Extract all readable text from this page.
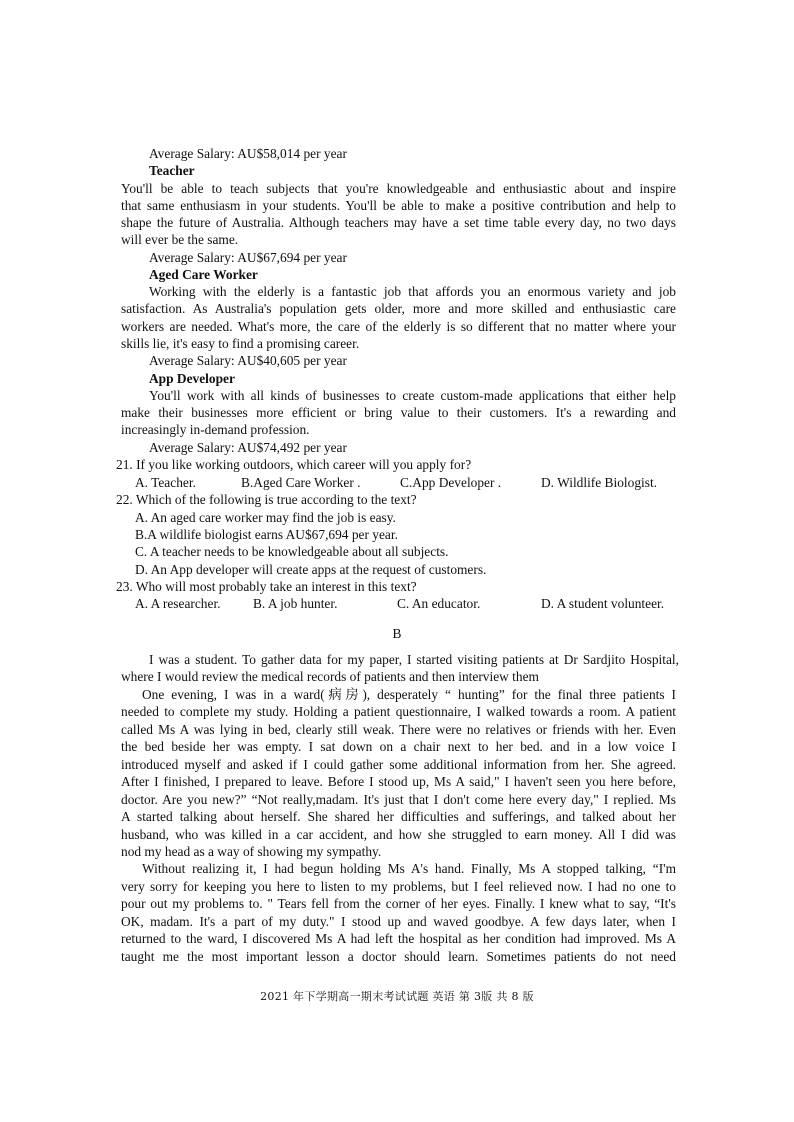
Average Salary: AU$58,014 per year
Teacher
You'll be able to teach subjects that you're knowledgeable and enthusiastic about and inspire
that same enthusiasm in your students. You'll be able to make a positive contribution and help to
shape the future of Australia. Although teachers may have a set time table every day, no two days
will ever be the same.
Average Salary: AU$67,694 per year
Aged Care Worker
Working with the elderly is a fantastic job that affords you an enormous variety and job
satisfaction. As Australia's population gets older, more and more skilled and enthusiastic care
workers are needed. What's more, the care of the elderly is so different that no matter where your
skills lie, it's easy to find a promising career.
Average Salary: AU$40,605 per year
App Developer
You'll work with all kinds of businesses to create custom-made applications that either help
make their businesses more efficient or bring value to their customers. It's a rewarding and
increasingly in-demand profession.
Average Salary: AU$74,492 per year
21. If you like working outdoors, which career will you apply for?
A. Teacher.	B.Aged Care Worker .	C.App Developer .	D. Wildlife Biologist.
22. Which of the following is true according to the text?
A. An aged care worker may find the job is easy.
B.A wildlife biologist earns AU$67,694 per year.
C. A teacher needs to be knowledgeable about all subjects.
D. An App developer will create apps at the request of customers.
23. Who will most probably take an interest in this text?
A. A researcher. B. A job hunter.	C. An educator.	D. A student volunteer.
B
I was a student. To gather data for my paper, I started visiting patients at Dr Sardjito Hospital,
where I would review the medical records of patients and then interview them
One evening, I was in a ward(病房), desperately “ hunting” for the final three patients I
needed to complete my study. Holding a patient questionnaire, I walked towards a room. A patient
called Ms A was lying in bed, clearly still weak. There were no relatives or friends with her. Even
the bed beside her was empty. I sat down on a chair next to her bed. and in a low voice I
introduced myself and asked if I could gather some additional information from her. She agreed.
After I finished, I prepared to leave. Before I stood up, Ms A said," I haven't seen you here before,
doctor. Are you new?” “Not really,madam. It's just that I don't come here every day," I replied. Ms
A started talking about herself. She shared her difficulties and sufferings, and talked about her
husband, who was killed in a car accident, and how she struggled to earn money. All I did was
nod my head as a way of showing my sympathy.
Without realizing it, I had begun holding Ms A's hand. Finally, Ms A stopped talking, “I'm
very sorry for keeping you here to listen to my problems, but I feel relieved now. I had no one to
pour out my problems to. " Tears fell from the corner of her eyes. Finally. I knew what to say, “It's
OK, madam. It's a part of my duty." I stood up and waved goodbye. A few days later, when I
returned to the ward, I discovered Ms A had left the hospital as her condition had improved. Ms A
taught me the most important lesson a doctor should learn. Sometimes patients do not need
2021 年下学期高一期末考试试题 英语 第 3版 共 8 版
